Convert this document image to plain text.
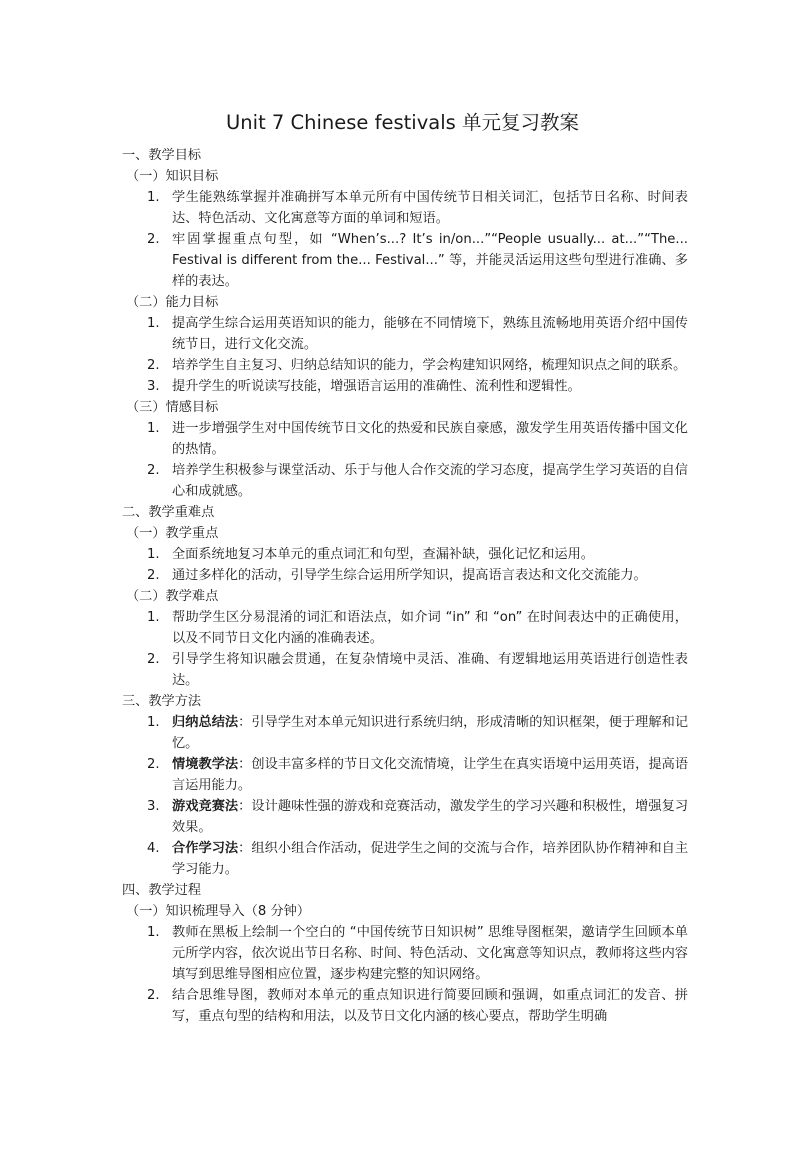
Unit 7 Chinese festivals 单元复习教案
一、教学目标
（一）知识目标
1. 学生能熟练掌握并准确拼写本单元所有中国传统节日相关词汇，包括节日名称、时间表达、特色活动、文化寓意等方面的单词和短语。
2. 牢固掌握重点句型，如 “When’s...? It’s in/on...”“People usually... at...”“The... Festival is different from the... Festival...” 等，并能灵活运用这些句型进行准确、多样的表达。
（二）能力目标
1. 提高学生综合运用英语知识的能力，能够在不同情境下，熟练且流畅地用英语介绍中国传统节日，进行文化交流。
2. 培养学生自主复习、归纳总结知识的能力，学会构建知识网络，梳理知识点之间的联系。
3. 提升学生的听说读写技能，增强语言运用的准确性、流利性和逻辑性。
（三）情感目标
1. 进一步增强学生对中国传统节日文化的热爱和民族自豪感，激发学生用英语传播中国文化的热情。
2. 培养学生积极参与课堂活动、乐于与他人合作交流的学习态度，提高学生学习英语的自信心和成就感。
二、教学重难点
（一）教学重点
1. 全面系统地复习本单元的重点词汇和句型，查漏补缺，强化记忆和运用。
2. 通过多样化的活动，引导学生综合运用所学知识，提高语言表达和文化交流能力。
（二）教学难点
1. 帮助学生区分易混淆的词汇和语法点，如介词 “in” 和 “on” 在时间表达中的正确使用，以及不同节日文化内涵的准确表述。
2. 引导学生将知识融会贯通，在复杂情境中灵活、准确、有逻辑地运用英语进行创造性表达。
三、教学方法
1. 归纳总结法：引导学生对本单元知识进行系统归纳，形成清晰的知识框架，便于理解和记忆。
2. 情境教学法：创设丰富多样的节日文化交流情境，让学生在真实语境中运用英语，提高语言运用能力。
3. 游戏竞赛法：设计趣味性强的游戏和竞赛活动，激发学生的学习兴趣和积极性，增强复习效果。
4. 合作学习法：组织小组合作活动，促进学生之间的交流与合作，培养团队协作精神和自主学习能力。
四、教学过程
（一）知识梳理导入（8 分钟）
1. 教师在黑板上绘制一个空白的 “中国传统节日知识树” 思维导图框架，邀请学生回顾本单元所学内容，依次说出节日名称、时间、特色活动、文化寓意等知识点，教师将这些内容填写到思维导图相应位置，逐步构建完整的知识网络。
2. 结合思维导图，教师对本单元的重点知识进行简要回顾和强调，如重点词汇的发音、拼写，重点句型的结构和用法，以及节日文化内涵的核心要点，帮助学生明确
